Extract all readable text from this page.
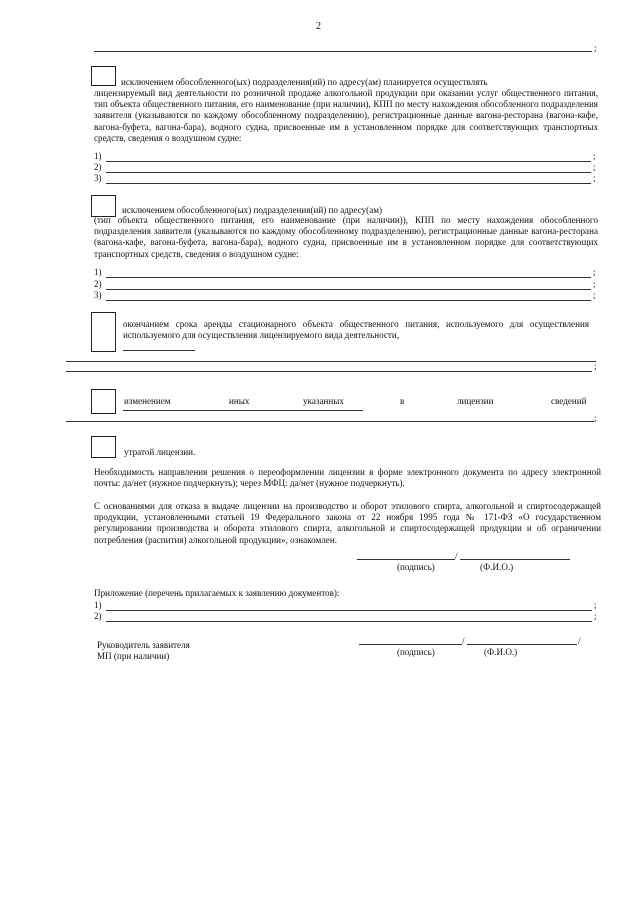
2
;
исключением обособленного(ых) подразделения(ий) по адресу(ам) планируется осуществлять
лицензируемый вид деятельности по розничной продаже алкогольной продукции при оказании услуг общественного питания, тип объекта общественного питания, его наименование (при наличии), КПП по месту нахождения обособленного подразделения заявителя (указываются по каждому обособленному подразделению), регистрационные данные вагона-ресторана (вагона-кафе, вагона-буфета, вагона-бара), водного судна, присвоенные им в установленном порядке для соответствующих транспортных средств, сведения о воздушном судне:
1)	;
2)	;
3)	;
исключением обособленного(ых) подразделения(ий) по адресу(ам)
(тип объекта общественного питания, его наименование (при наличии)), КПП по месту нахождения обособленного подразделения заявителя (указываются по каждому обособленному подразделению), регистрационные данные вагона-ресторана (вагона-кафе, вагона-буфета, вагона-бара), водного судна, присвоенные им в установленном порядке для соответствующих транспортных средств, сведения о воздушном судне:
1)	;
2)	;
3)	;
окончанием срока аренды стационарного объекта общественного питания, используемого для осуществления используемого для осуществления лицензируемого вида деятельности,
;
изменением	иных	указанных	в	лицензии	сведений
;
утратой лицензии.
Необходимость направления решения о переоформлении лицензии в форме электронного документа по адресу электронной почты: да/нет (нужное подчеркнуть); через МФЦ: да/нет (нужное подчеркнуть).
С основаниями для отказа в выдаче лицензии на производство и оборот этилового спирта, алкогольной и спиртосодержащей продукции, установленными статьей 19 Федерального закона от 22 ноября 1995 года № 171-ФЗ «О государственном регулировании производства и оборота этилового спирта, алкогольной и спиртосодержащей продукции и об ограничении потребления (распития) алкогольной продукции», ознакомлен.
/
(подпись)	(Ф.И.О.)
Приложение (перечень прилагаемых к заявлению документов):
1)	;
2)	;
Руководитель заявителя
МП (при наличии)
/	/
(подпись)	(Ф.И.О.)
